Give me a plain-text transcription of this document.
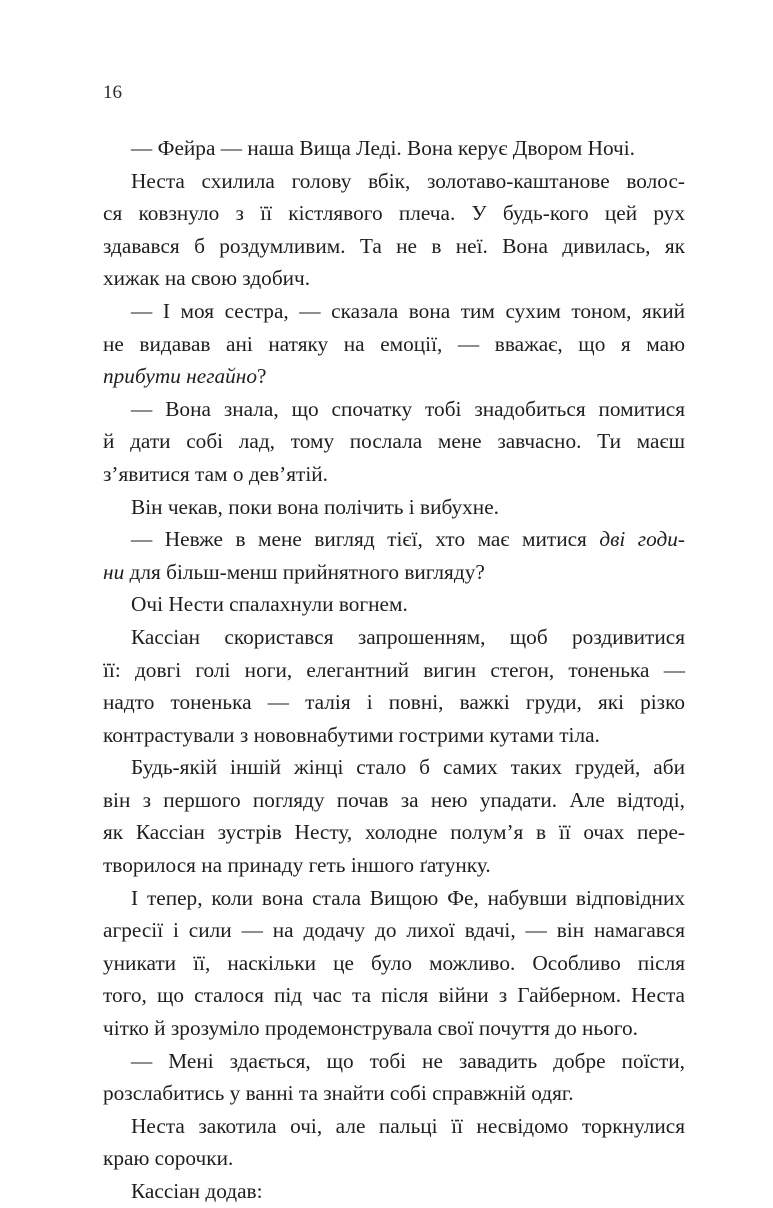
16
— Фейра — наша Вища Леді. Вона керує Двором Ночі.
Неста схилила голову вбік, золотаво-каштанове волос-
ся ковзнуло з її кістлявого плеча. У будь-кого цей рух
здавався б роздумливим. Та не в неї. Вона дивилась, як
хижак на свою здобич.
— І моя сестра, — сказала вона тим сухим тоном, який
не видавав ані натяку на емоції, — вважає, що я маю
прибути негайно?
— Вона знала, що спочатку тобі знадобиться помитися
й дати собі лад, тому послала мене завчасно. Ти маєш
з’явитися там о дев’ятій.
Він чекав, поки вона полічить і вибухне.
— Невже в мене вигляд тієї, хто має митися дві годи-
ни для більш-менш прийнятного вигляду?
Очі Нести спалахнули вогнем.
Кассіан скористався запрошенням, щоб роздивитися
її: довгі голі ноги, елегантний вигин стегон, тоненька —
надто тоненька — талія і повні, важкі груди, які різко
контрастували з нововнабутими гострими кутами тіла.
Будь-якій іншій жінці стало б самих таких грудей, аби
він з першого погляду почав за нею упадати. Але відтоді,
як Кассіан зустрів Несту, холодне полум’я в її очах пере-
творилося на принаду геть іншого ґатунку.
І тепер, коли вона стала Вищою Фе, набувши відповідних
агресії і сили — на додачу до лихої вдачі, — він намагався
уникати її, наскільки це було можливо. Особливо після
того, що сталося під час та після війни з Гайберном. Неста
чітко й зрозуміло продемонструвала свої почуття до нього.
— Мені здається, що тобі не завадить добре поїсти,
розслабитись у ванні та знайти собі справжній одяг.
Неста закотила очі, але пальці її несвідомо торкнулися
краю сорочки.
Кассіан додав:
